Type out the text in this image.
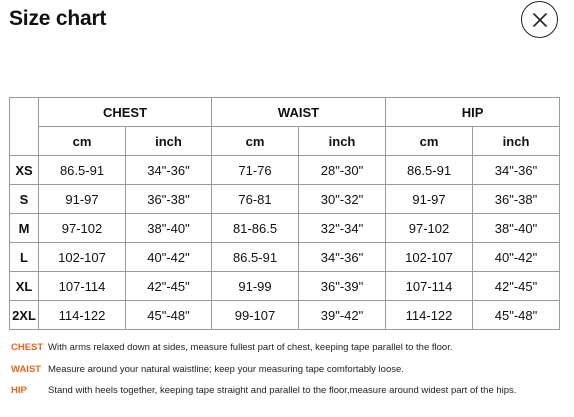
Size chart
	CHEST		WAIST		HIP	
	cm	inch	cm	inch	cm	inch
XS	86.5-91	34"-36"	71-76	28"-30"	86.5-91	34"-36"
S	91-97	36"-38"	76-81	30"-32"	91-97	36"-38"
M	97-102	38"-40"	81-86.5	32"-34"	97-102	38"-40"
L	102-107	40"-42"	86.5-91	34"-36"	102-107	40"-42"
XL	107-114	42"-45"	91-99	36"-39"	107-114	42"-45"
2XL	114-122	45"-48"	99-107	39"-42"	114-122	45"-48"
CHEST With arms relaxed down at sides, measure fullest part of chest, keeping tape parallel to the floor.
WAIST Measure around your natural waistline; keep your measuring tape comfortably loose.
HIP	Stand with heels together, keeping tape straight and parallel to the floor,measure around widest part of the hips.
